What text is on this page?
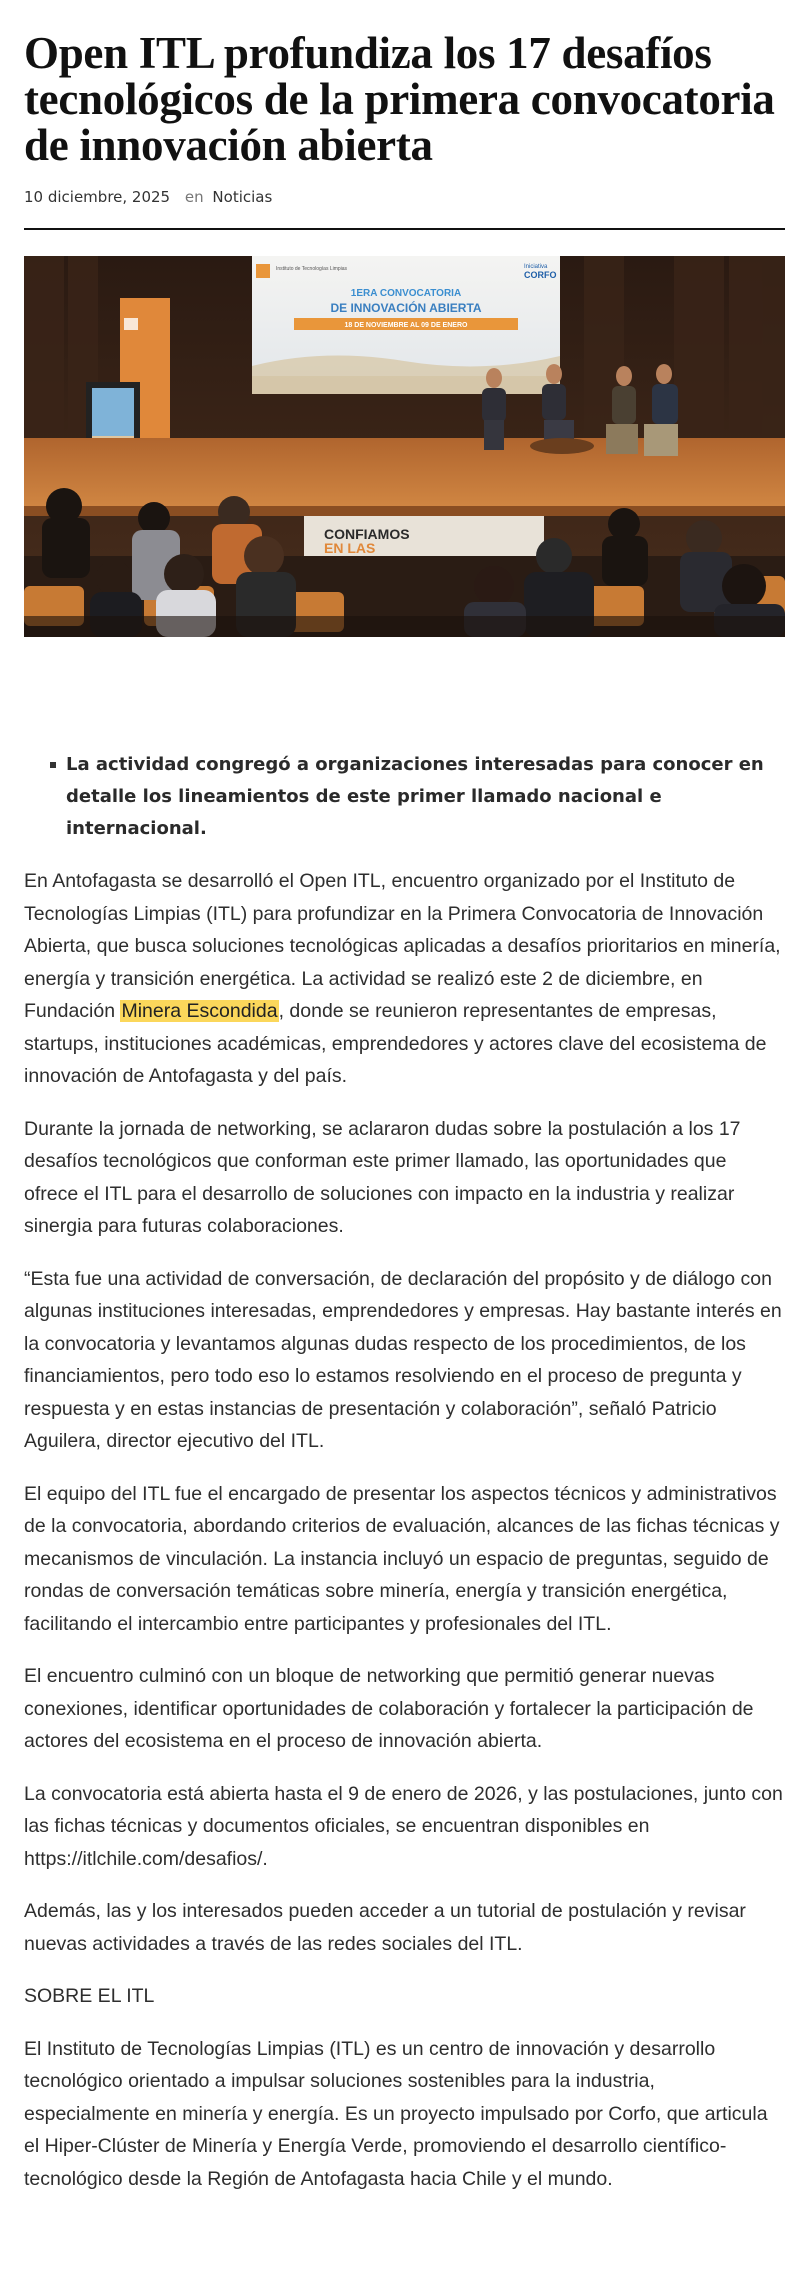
Open ITL profundiza los 17 desafíos tecnológicos de la primera convocatoria de innovación abierta
10 diciembre, 2025 en Noticias
Instituto de Tecnologías Limpias	Iniciativa
CORFO
1ERA CONVOCATORIA
DE INNOVACIÓN ABIERTA
18 DE NOVIEMBRE AL 09 DE ENERO
CONFIAMOS
EN LAS
La actividad congregó a organizaciones interesadas para conocer en detalle los lineamientos de este primer llamado nacional e internacional.

En Antofagasta se desarrolló el Open ITL, encuentro organizado por el Instituto de Tecnologías Limpias (ITL) para profundizar en la Primera Convocatoria de Innovación Abierta, que busca soluciones tecnológicas aplicadas a desafíos prioritarios en minería, energía y transición energética. La actividad se realizó este 2 de diciembre, en Fundación Minera Escondida, donde se reunieron representantes de empresas, startups, instituciones académicas, emprendedores y actores clave del ecosistema de innovación de Antofagasta y del país.

Durante la jornada de networking, se aclararon dudas sobre la postulación a los 17 desafíos tecnológicos que conforman este primer llamado, las oportunidades que ofrece el ITL para el desarrollo de soluciones con impacto en la industria y realizar sinergia para futuras colaboraciones.

“Esta fue una actividad de conversación, de declaración del propósito y de diálogo con algunas instituciones interesadas, emprendedores y empresas. Hay bastante interés en la convocatoria y levantamos algunas dudas respecto de los procedimientos, de los financiamientos, pero todo eso lo estamos resolviendo en el proceso de pregunta y respuesta y en estas instancias de presentación y colaboración”, señaló Patricio Aguilera, director ejecutivo del ITL.

El equipo del ITL fue el encargado de presentar los aspectos técnicos y administrativos de la convocatoria, abordando criterios de evaluación, alcances de las fichas técnicas y mecanismos de vinculación. La instancia incluyó un espacio de preguntas, seguido de rondas de conversación temáticas sobre minería, energía y transición energética, facilitando el intercambio entre participantes y profesionales del ITL.

El encuentro culminó con un bloque de networking que permitió generar nuevas conexiones, identificar oportunidades de colaboración y fortalecer la participación de actores del ecosistema en el proceso de innovación abierta.

La convocatoria está abierta hasta el 9 de enero de 2026, y las postulaciones, junto con las fichas técnicas y documentos oficiales, se encuentran disponibles en https://itlchile.com/desafios/.

Además, las y los interesados pueden acceder a un tutorial de postulación y revisar nuevas actividades a través de las redes sociales del ITL.

SOBRE EL ITL

El Instituto de Tecnologías Limpias (ITL) es un centro de innovación y desarrollo tecnológico orientado a impulsar soluciones sostenibles para la industria, especialmente en minería y energía. Es un proyecto impulsado por Corfo, que articula el Hiper-Clúster de Minería y Energía Verde, promoviendo el desarrollo científico-tecnológico desde la Región de Antofagasta hacia Chile y el mundo.
